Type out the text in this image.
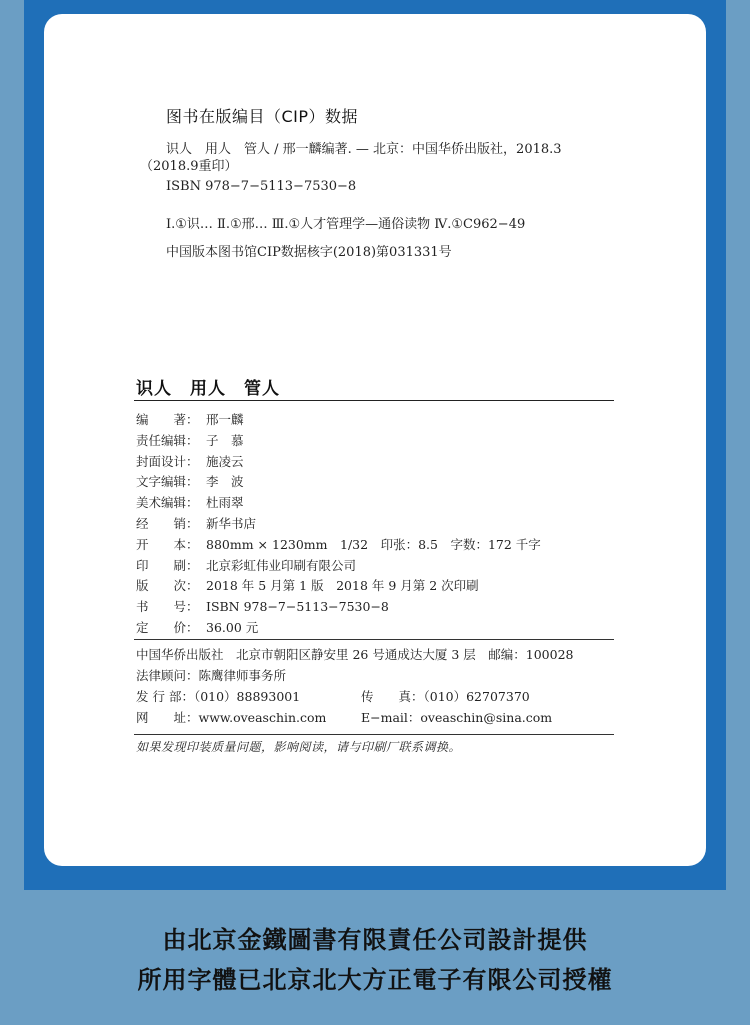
图书在版编目（CIP）数据
识人　用人　管人 / 邢一麟编著. — 北京：中国华侨出版社，2018.3
（2018.9重印）
ISBN 978−7−5113−7530−8
Ⅰ.①识… Ⅱ.①邢… Ⅲ.①人才管理学—通俗读物 Ⅳ.①C962−49
中国版本图书馆CIP数据核字(2018)第031331号
识人　用人　管人
编　　著： 邢一麟
责任编辑： 子　慕
封面设计： 施凌云
文字编辑： 李　波
美术编辑： 杜雨翠
经　　销： 新华书店
开　　本： 880mm × 1230mm　1/32　印张：8.5　字数：172 千字
印　　刷： 北京彩虹伟业印刷有限公司
版　　次： 2018 年 5 月第 1 版　2018 年 9 月第 2 次印刷
书　　号： ISBN 978−7−5113−7530−8
定　　价： 36.00 元
中国华侨出版社　北京市朝阳区静安里 26 号通成达大厦 3 层　邮编：100028
法律顾问：陈鹰律师事务所
发 行 部：（010）88893001	传　　真：（010）62707370
网　　址：www.oveaschin.com	E−mail：oveaschin@sina.com
如果发现印装质量问题，影响阅读，请与印刷厂联系调换。
由北京金鐵圖書有限責任公司設計提供
所用字體已北京北大方正電子有限公司授權
